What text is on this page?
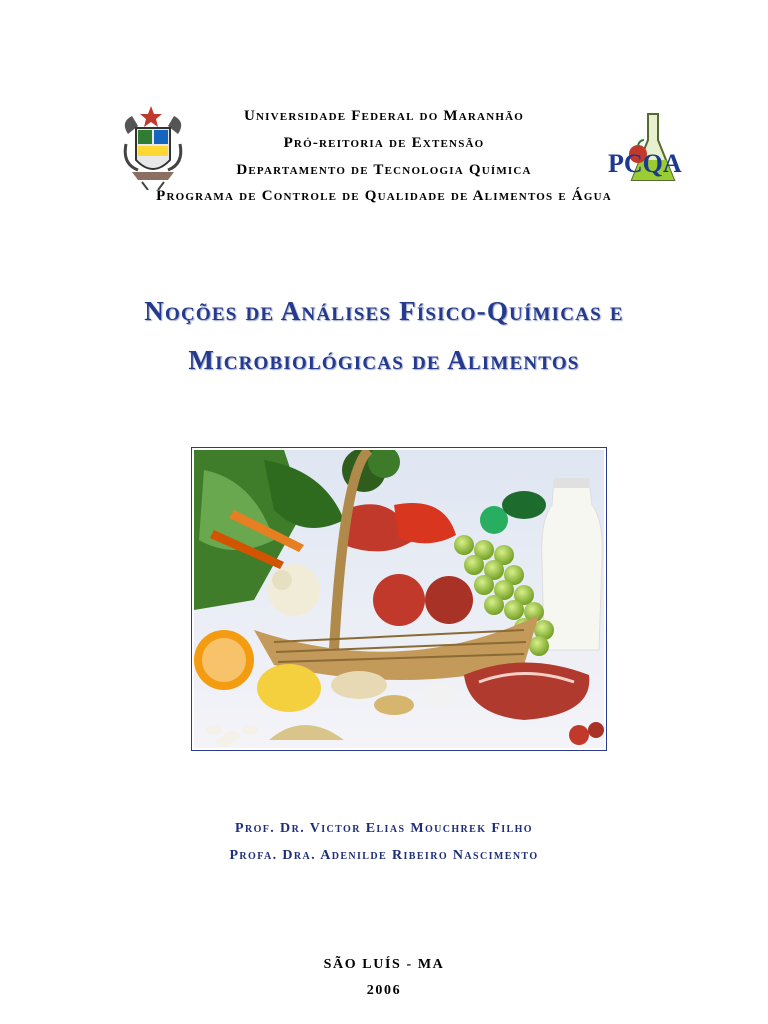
Universidade Federal do Maranhão
Pró-reitoria de Extensão
Departamento de Tecnologia Química
Programa de Controle de Qualidade de Alimentos e Água
PCQA
Noções de Análises Físico-Químicas e
Microbiológicas de Alimentos
Prof. Dr. Victor Elias Mouchrek Filho
Profa. Dra. Adenilde Ribeiro Nascimento
SÃO LUÍS - MA
2006
